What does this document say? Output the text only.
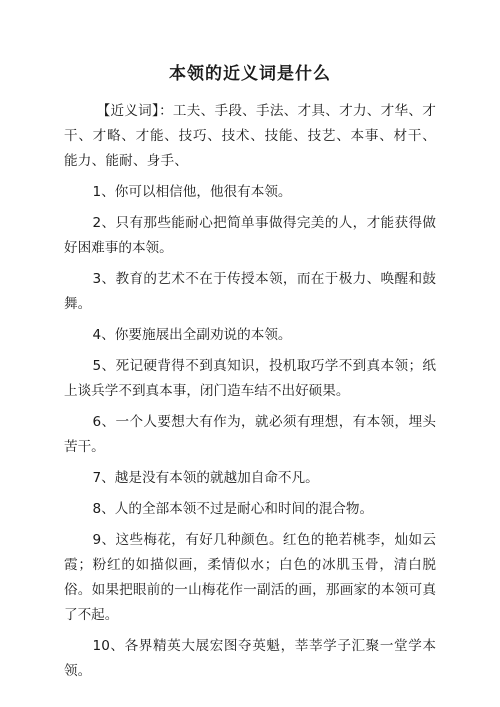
本领的近义词是什么

【近义词】：工夫、手段、手法、才具、才力、才华、才干、才略、才能、技巧、技术、技能、技艺、本事、材干、能力、能耐、身手、

1、你可以相信他，他很有本领。

2、只有那些能耐心把简单事做得完美的人，才能获得做好困难事的本领。

3、教育的艺术不在于传授本领，而在于极力、唤醒和鼓舞。

4、你要施展出全副劝说的本领。

5、死记硬背得不到真知识，投机取巧学不到真本领；纸上谈兵学不到真本事，闭门造车结不出好硕果。

6、一个人要想大有作为，就必须有理想，有本领，埋头苦干。

7、越是没有本领的就越加自命不凡。

8、人的全部本领不过是耐心和时间的混合物。

9、这些梅花，有好几种颜色。红色的艳若桃李，灿如云霞；粉红的如描似画，柔情似水；白色的冰肌玉骨，清白脱俗。如果把眼前的一山梅花作一副活的画，那画家的本领可真了不起。

10、各界精英大展宏图夺英魁，莘莘学子汇聚一堂学本领。
